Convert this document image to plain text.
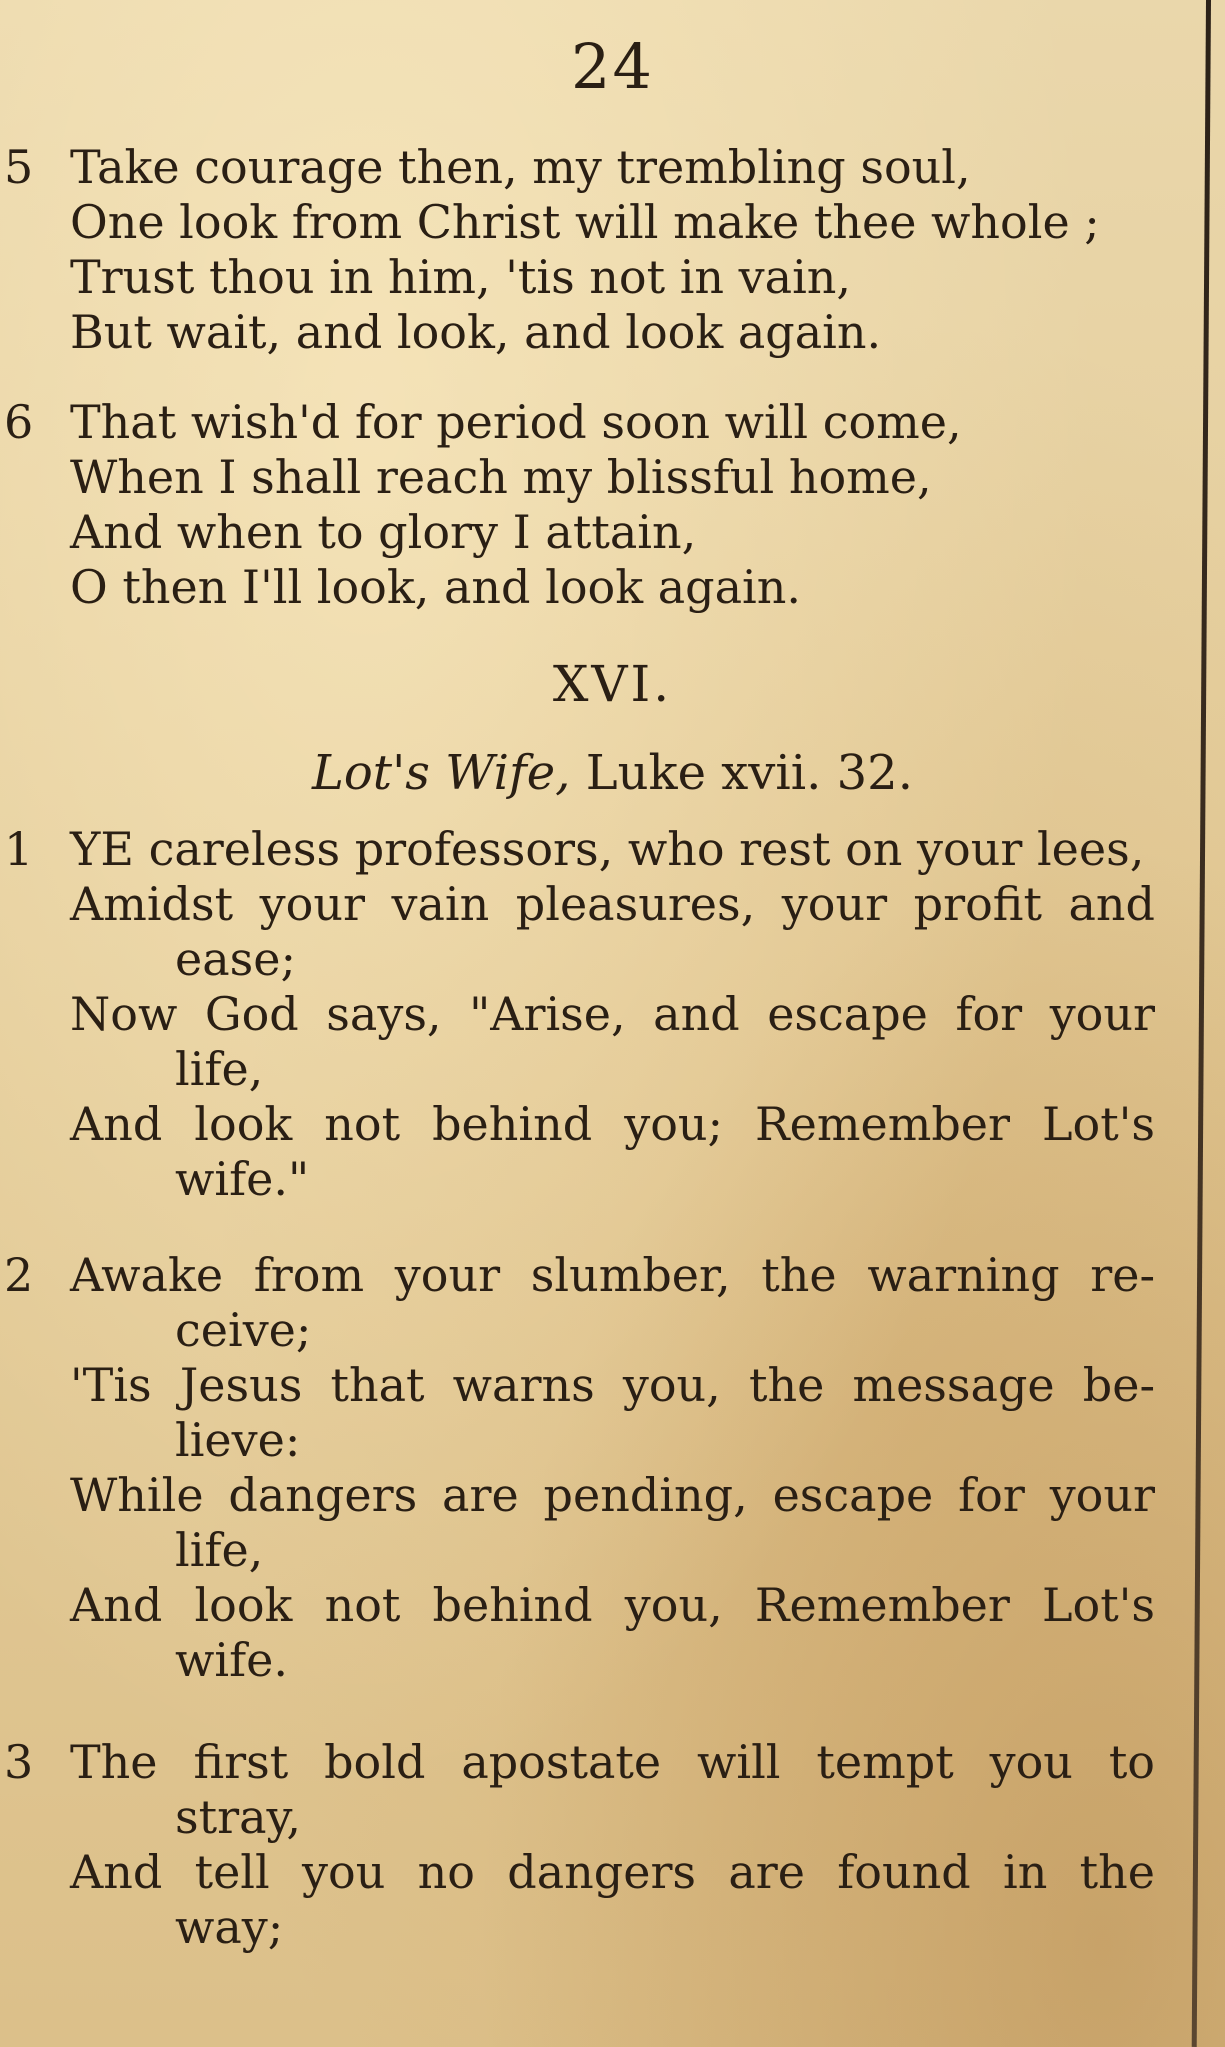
24
5 Take courage then, my trembling soul,
One look from Christ will make thee whole ;
Trust thou in him, 'tis not in vain,
But wait, and look, and look again.
6 That wish'd for period soon will come,
When I shall reach my blissful home,
And when to glory I attain,
O then I'll look, and look again.
XVI.
Lot's Wife, Luke xvii. 32.
1 YE careless professors, who rest on your lees,
Amidst your vain pleasures, your profit and
ease;
Now God says, "Arise, and escape for your
life,
And look not behind you; Remember Lot's
wife."
2 Awake from your slumber, the warning re-
ceive;
'Tis Jesus that warns you, the message be-
lieve:
While dangers are pending, escape for your
life,
And look not behind you, Remember Lot's
wife.
3 The first bold apostate will tempt you to
stray,
And tell you no dangers are found in the
way;
